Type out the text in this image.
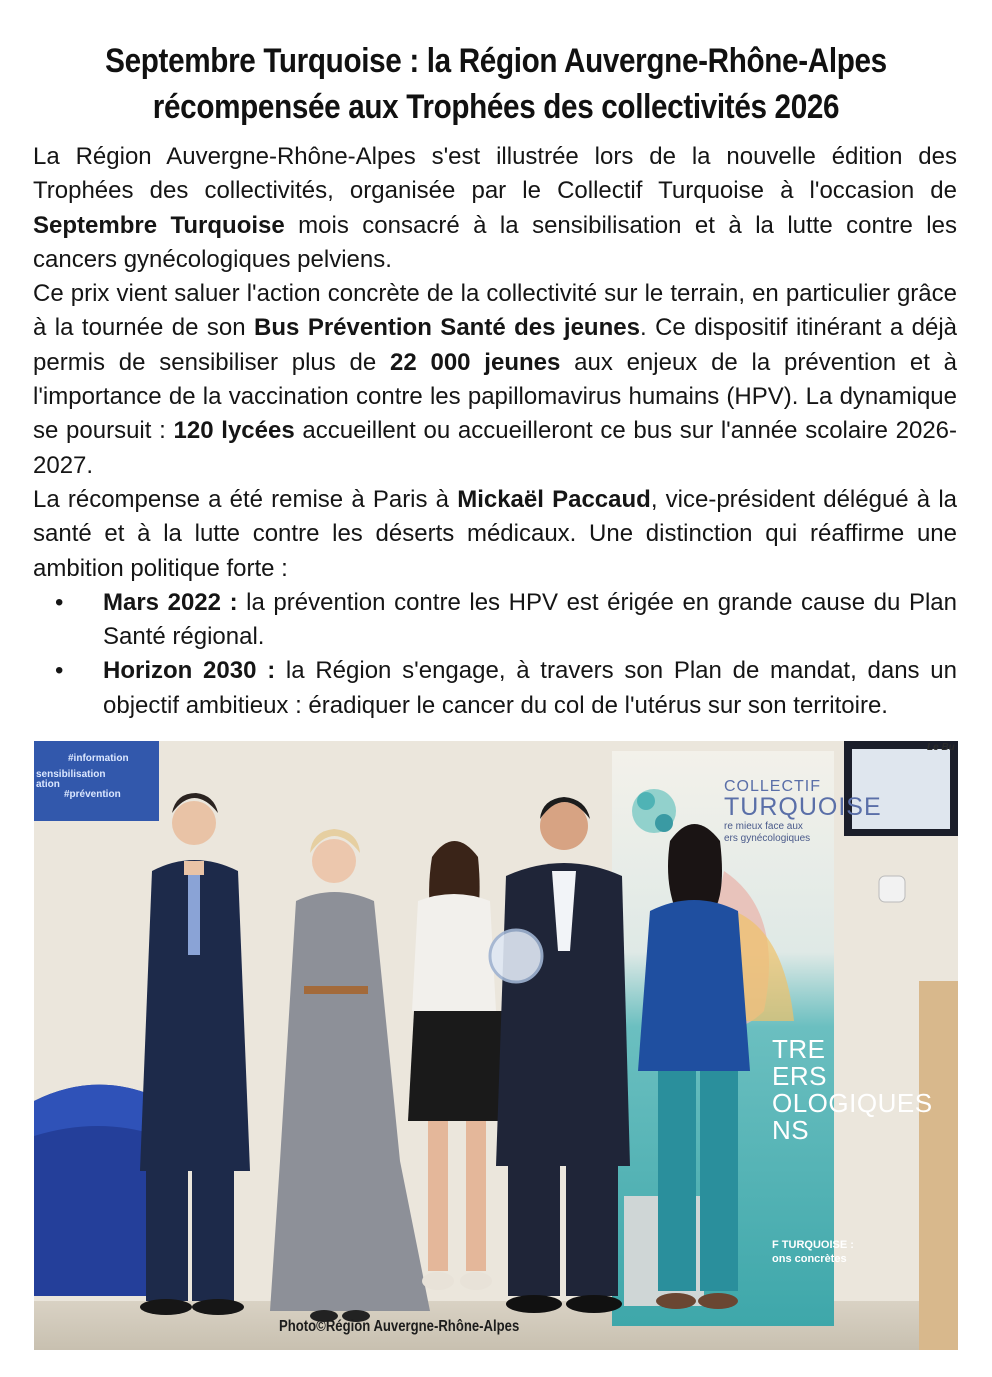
Septembre Turquoise : la Région Auvergne-Rhône-Alpes
récompensée aux Trophées des collectivités 2026

La Région Auvergne-Rhône-Alpes s'est illustrée lors de la nouvelle édition des Trophées des collectivités, organisée par le Collectif Turquoise à l'occasion de Septembre Turquoise mois consacré à la sensibilisation et à la lutte contre les cancers gynécologiques pelviens.

Ce prix vient saluer l'action concrète de la collectivité sur le terrain, en particulier grâce à la tournée de son Bus Prévention Santé des jeunes. Ce dispositif itinérant a déjà permis de sensibiliser plus de 22 000 jeunes aux enjeux de la prévention et à l'importance de la vaccination contre les papillomavirus humains (HPV). La dynamique se poursuit : 120 lycées accueillent ou accueilleront ce bus sur l'année scolaire 2026-2027.

La récompense a été remise à Paris à Mickaël Paccaud, vice-président délégué à la santé et à la lutte contre les déserts médicaux. Une distinction qui réaffirme une ambition politique forte :

• Mars 2022 : la prévention contre les HPV est érigée en grande cause du Plan Santé régional.
• Horizon 2030 : la Région s'engage, à travers son Plan de mandat, dans un objectif ambitieux : éradiquer le cancer du col de l'utérus sur son territoire.
#information
sensibilisation
ation
#prévention	COLLECTIF
TURQUOISE
re mieux face aux
ers gynécologiques
TRE
ERS
OLOGIQUES
NS
F TURQUOISE :
ons concrètes
Le Bu
Photo©Région Auvergne-Rhône-Alpes
